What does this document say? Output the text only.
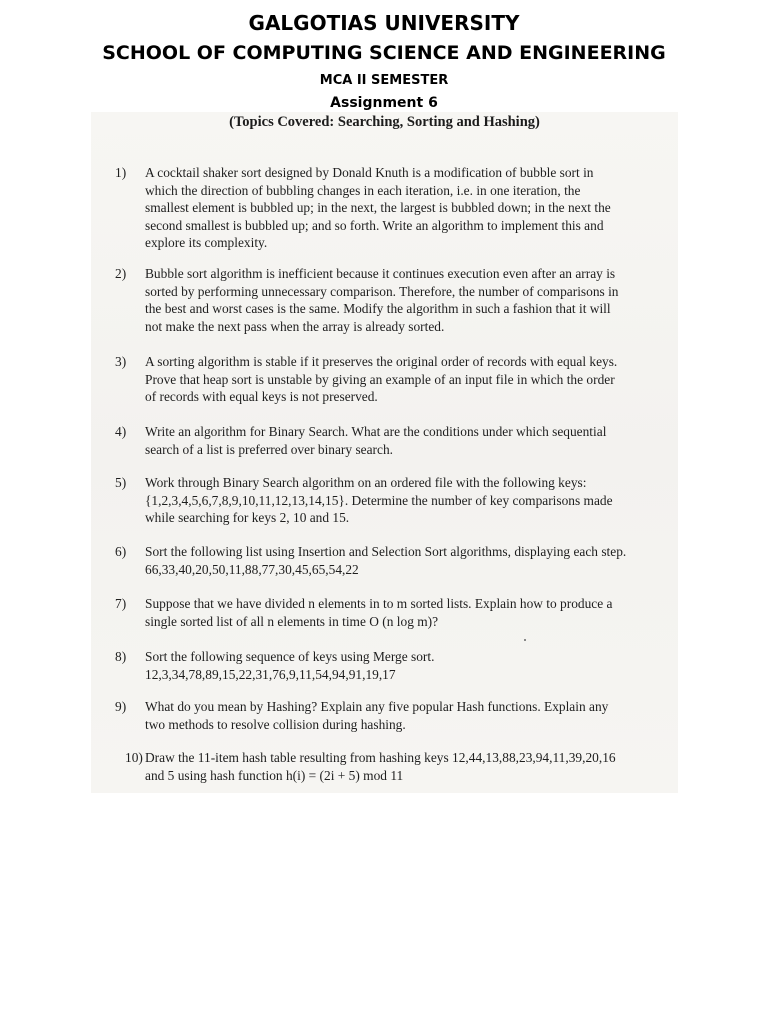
GALGOTIAS UNIVERSITY
SCHOOL OF COMPUTING SCIENCE AND ENGINEERING
MCA II SEMESTER
Assignment 6
(Topics Covered: Searching, Sorting and Hashing)
1) A cocktail shaker sort designed by Donald Knuth is a modification of bubble sort in
which the direction of bubbling changes in each iteration, i.e. in one iteration, the
smallest element is bubbled up; in the next, the largest is bubbled down; in the next the
second smallest is bubbled up; and so forth. Write an algorithm to implement this and
explore its complexity.
2) Bubble sort algorithm is inefficient because it continues execution even after an array is
sorted by performing unnecessary comparison. Therefore, the number of comparisons in
the best and worst cases is the same. Modify the algorithm in such a fashion that it will
not make the next pass when the array is already sorted.
3) A sorting algorithm is stable if it preserves the original order of records with equal keys.
Prove that heap sort is unstable by giving an example of an input file in which the order
of records with equal keys is not preserved.
4) Write an algorithm for Binary Search. What are the conditions under which sequential
search of a list is preferred over binary search.
5) Work through Binary Search algorithm on an ordered file with the following keys:
{1,2,3,4,5,6,7,8,9,10,11,12,13,14,15}. Determine the number of key comparisons made
while searching for keys 2, 10 and 15.
6) Sort the following list using Insertion and Selection Sort algorithms, displaying each step.
66,33,40,20,50,11,88,77,30,45,65,54,22
7) Suppose that we have divided n elements in to m sorted lists. Explain how to produce a
single sorted list of all n elements in time O (n log m)?
8) Sort the following sequence of keys using Merge sort.
12,3,34,78,89,15,22,31,76,9,11,54,94,91,19,17
9) What do you mean by Hashing? Explain any five popular Hash functions. Explain any
two methods to resolve collision during hashing.
10) Draw the 11-item hash table resulting from hashing keys 12,44,13,88,23,94,11,39,20,16
and 5 using hash function h(i) = (2i + 5) mod 11
